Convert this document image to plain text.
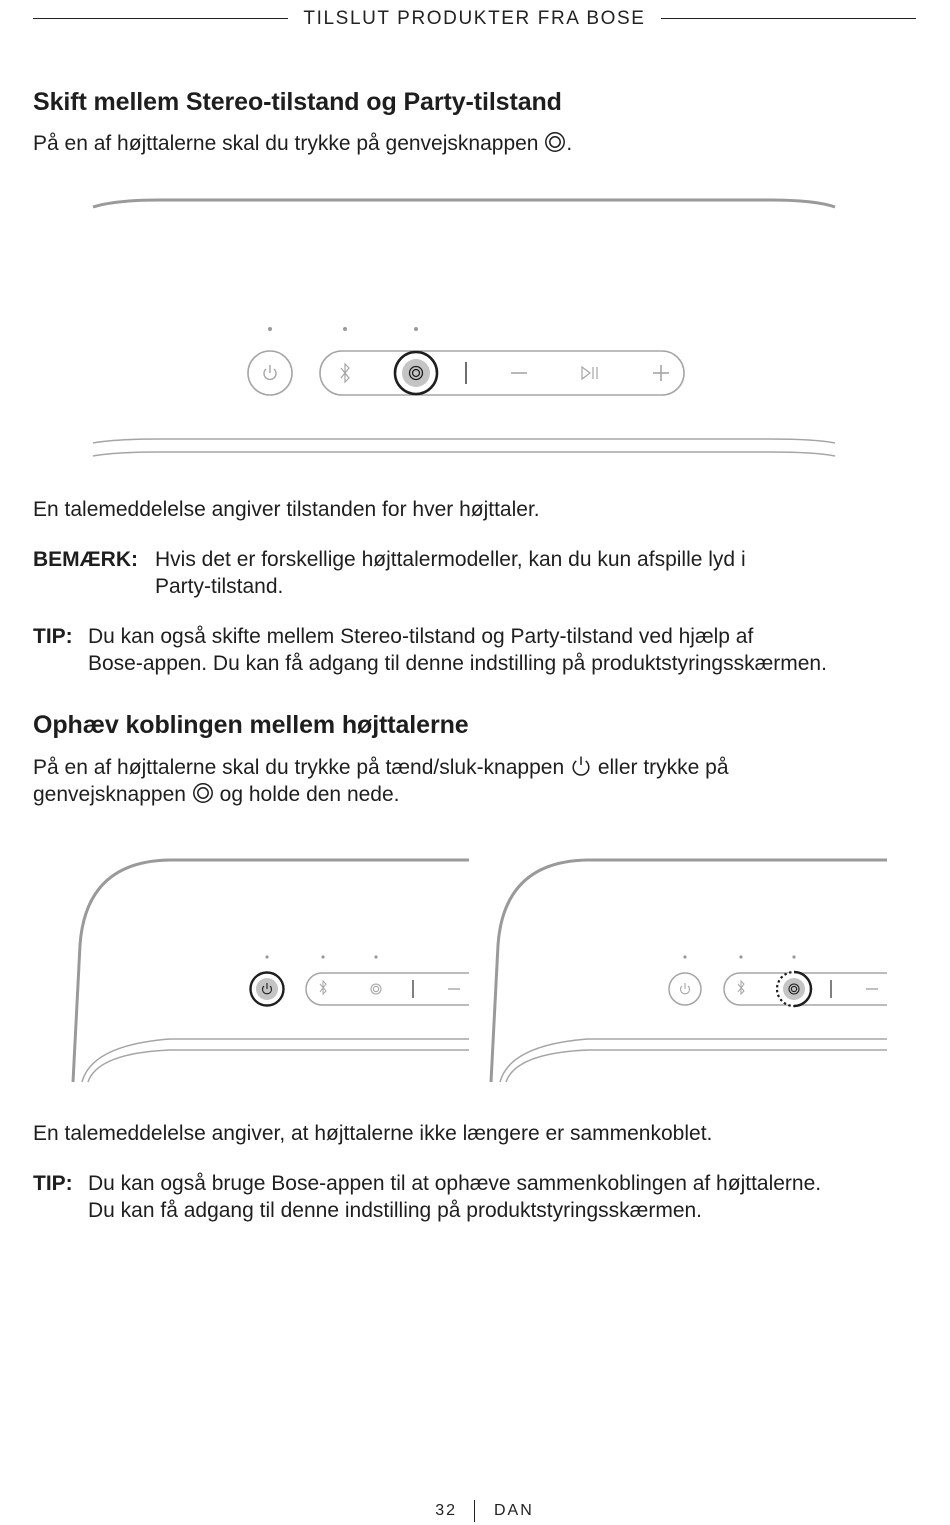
TILSLUT PRODUKTER FRA BOSE
Skift mellem Stereo-tilstand og Party-tilstand

På en af højttalerne skal du trykke på genvejsknappen .

En talemeddelelse angiver tilstanden for hver højttaler.

BEMÆRK: Hvis det er forskellige højttalermodeller, kan du kun afspille lyd i
Party-tilstand.
TIP: Du kan også skifte mellem Stereo-tilstand og Party-tilstand ved hjælp af
Bose-appen. Du kan få adgang til denne indstilling på produktstyringsskærmen.
Ophæv koblingen mellem højttalerne

På en af højttalerne skal du trykke på tænd/sluk-knappen eller trykke på
genvejsknappen og holde den nede.

En talemeddelelse angiver, at højttalerne ikke længere er sammenkoblet.

TIP: Du kan også bruge Bose-appen til at ophæve sammenkoblingen af højttalerne.
Du kan få adgang til denne indstilling på produktstyringsskærmen.
32 DAN
